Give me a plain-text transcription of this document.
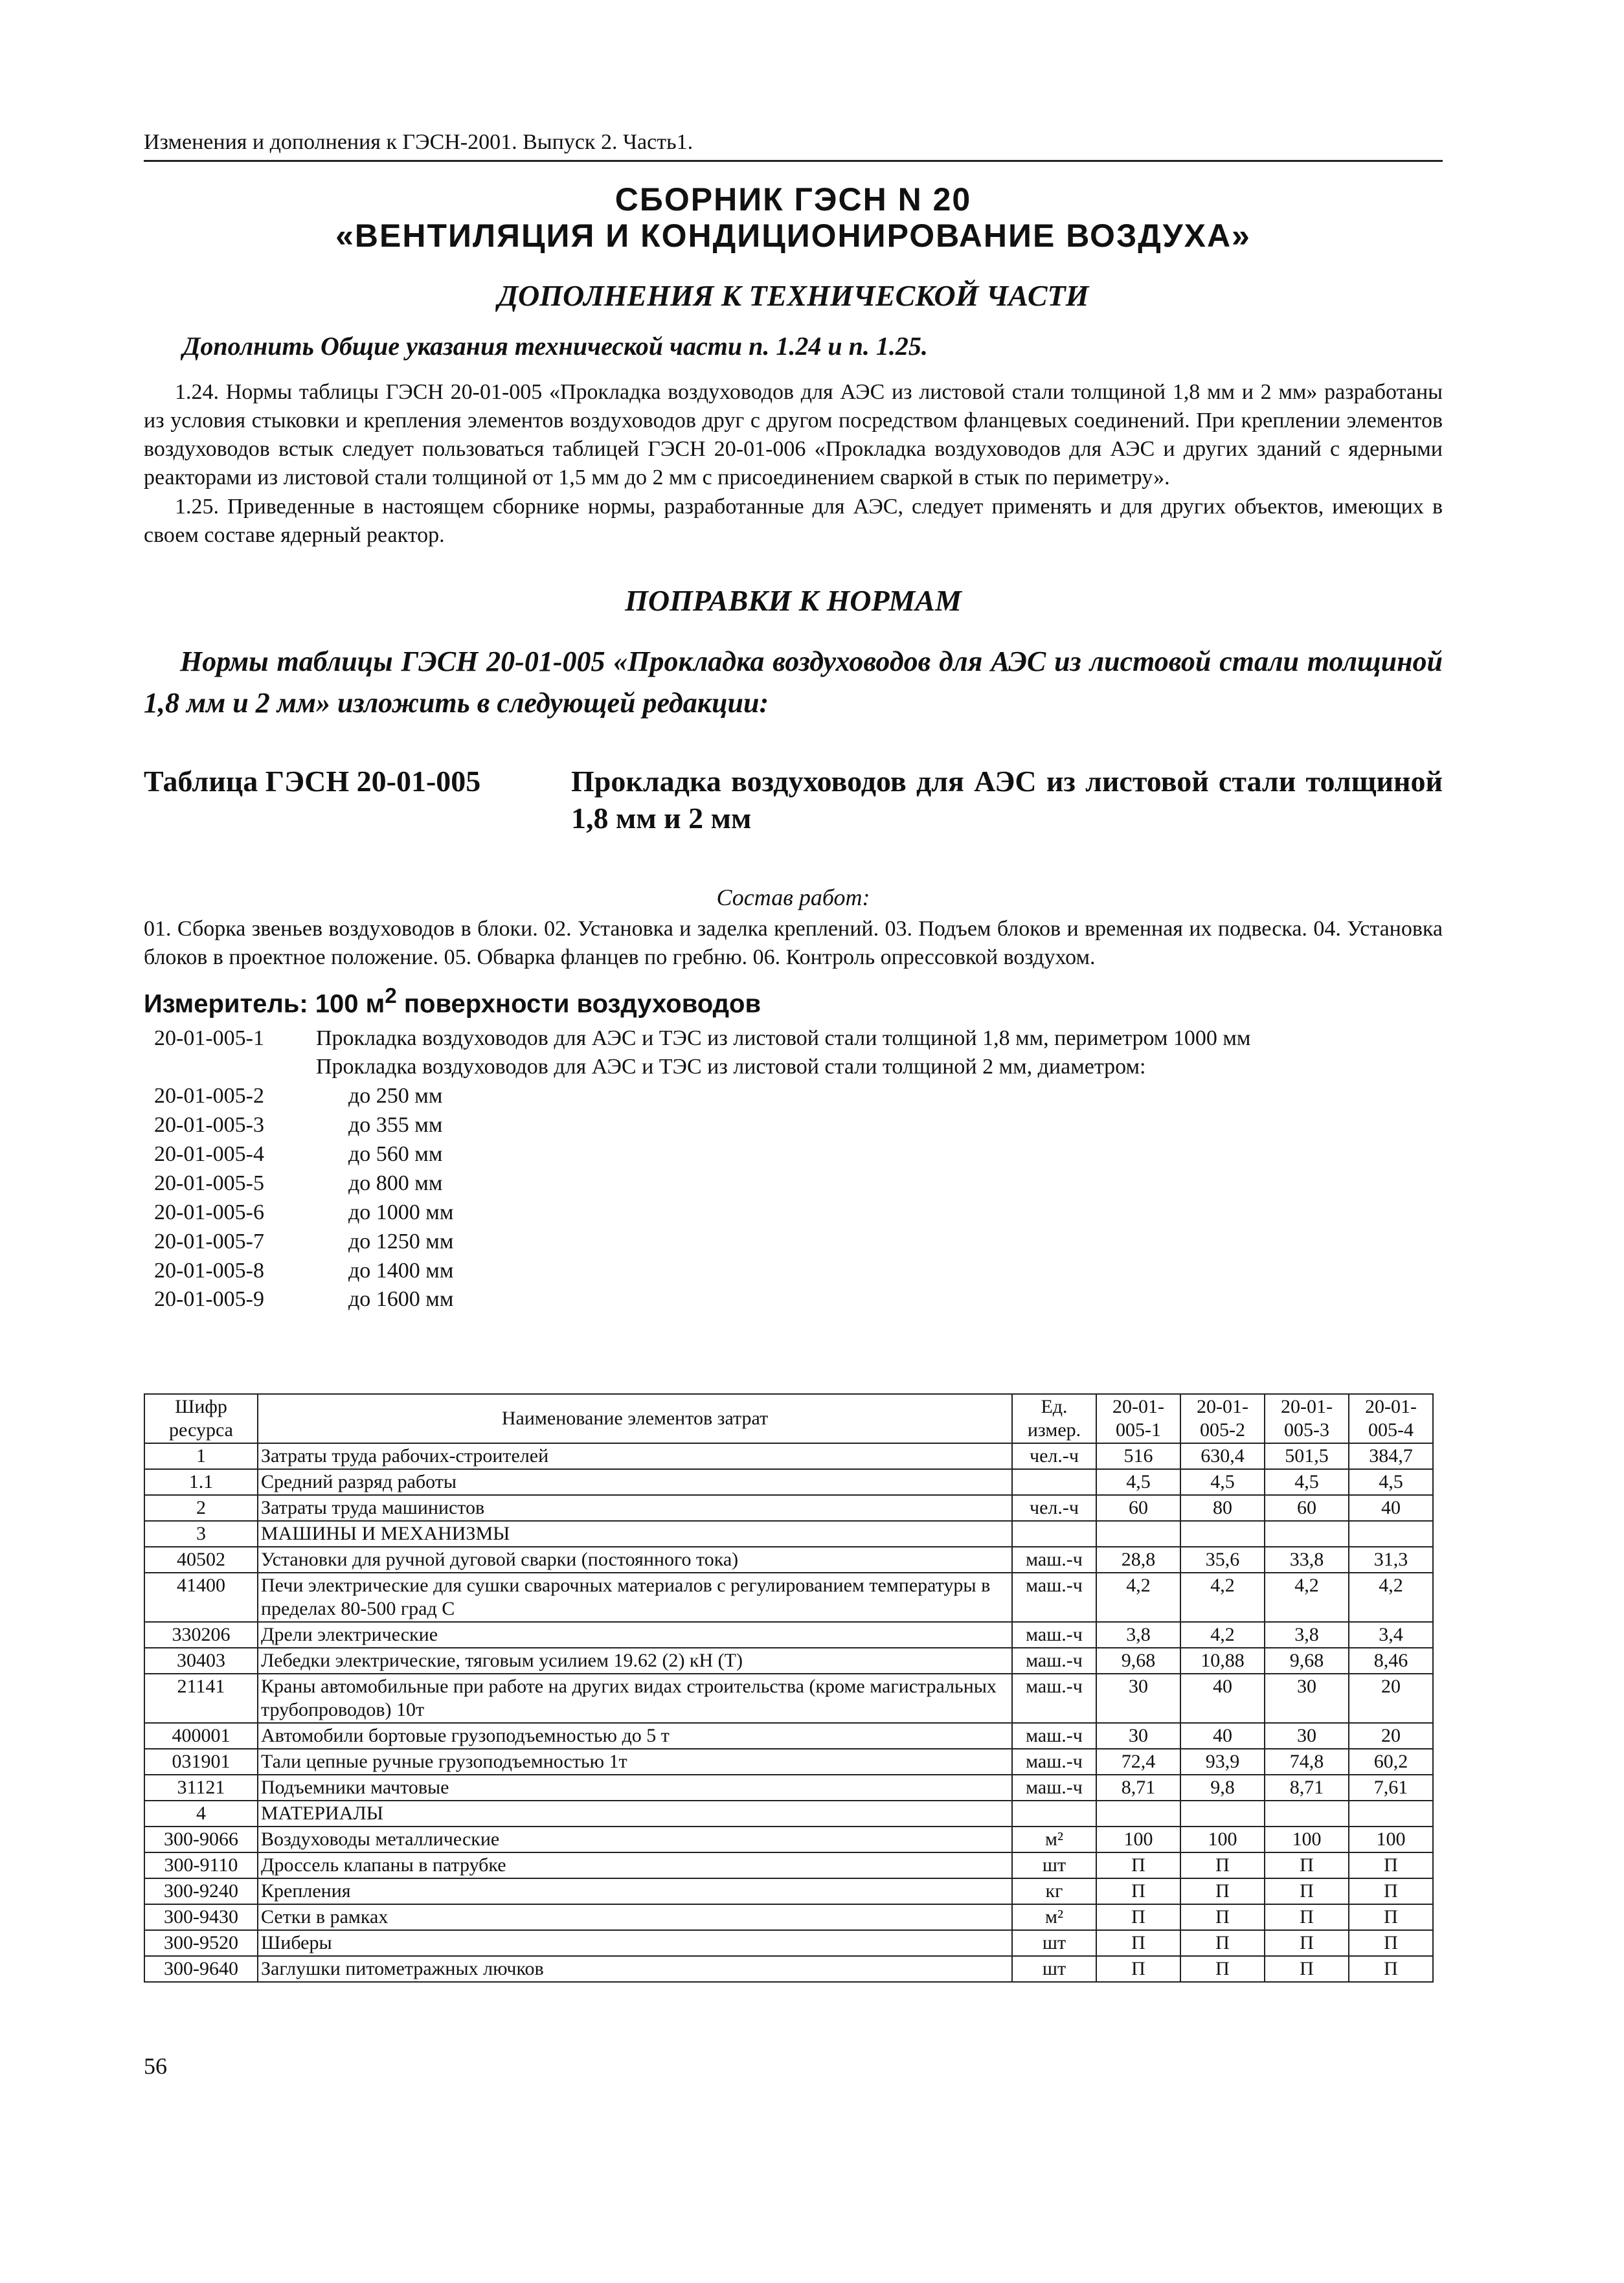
Изменения и дополнения к ГЭСН-2001. Выпуск 2. Часть1.
СБОРНИК ГЭСН N 20
«ВЕНТИЛЯЦИЯ И КОНДИЦИОНИРОВАНИЕ ВОЗДУХА»
ДОПОЛНЕНИЯ К ТЕХНИЧЕСКОЙ ЧАСТИ
Дополнить Общие указания технической части п. 1.24 и п. 1.25.

1.24. Нормы таблицы ГЭСН 20-01-005 «Прокладка воздуховодов для АЭС из листовой стали толщиной 1,8 мм и 2 мм» разработаны из условия стыковки и крепления элементов воздуховодов друг с другом посредством фланцевых соединений. При креплении элементов воздуховодов встык следует пользоваться таблицей ГЭСН 20-01-006 «Прокладка воздуховодов для АЭС и других зданий с ядерными реакторами из листовой стали толщиной от 1,5 мм до 2 мм с присоединением сваркой в стык по периметру».

1.25. Приведенные в настоящем сборнике нормы, разработанные для АЭС, следует применять и для других объектов, имеющих в своем составе ядерный реактор.

ПОПРАВКИ К НОРМАМ
Нормы таблицы ГЭСН 20-01-005 «Прокладка воздуховодов для АЭС из листовой стали толщиной 1,8 мм и 2 мм» изложить в следующей редакции:
Таблица ГЭСН 20-01-005	Прокладка воздуховодов для АЭС из листовой стали толщиной 1,8 мм и 2 мм
Состав работ:
01. Сборка звеньев воздуховодов в блоки. 02. Установка и заделка креплений. 03. Подъем блоков и временная их подвеска. 04. Установка блоков в проектное положение. 05. Обварка фланцев по гребню. 06. Контроль опрессовкой воздухом.
Измеритель: 100 $м^2$ поверхности воздуховодов
20-01-005-1	Прокладка воздуховодов для АЭС и ТЭС из листовой стали толщиной 1,8 мм, периметром 1000 мм
Прокладка воздуховодов для АЭС и ТЭС из листовой стали толщиной 2 мм, диаметром:
20-01-005-2	до 250 мм
20-01-005-3	до 355 мм
20-01-005-4	до 560 мм
20-01-005-5	до 800 мм
20-01-005-6	до 1000 мм
20-01-005-7	до 1250 мм
20-01-005-8	до 1400 мм
20-01-005-9	до 1600 мм
Шифр ресурса	Наименование элементов затрат	Ед. измер.	20-01- 005-1	20-01- 005-2	20-01- 005-3	20-01- 005-4
1	Затраты труда рабочих-строителей	чел.-ч	516	630,4	501,5	384,7
1.1	Средний разряд работы		4,5	4,5	4,5	4,5
2	Затраты труда машинистов	чел.-ч	60	80	60	40
3	МАШИНЫ И МЕХАНИЗМЫ					
40502	Установки для ручной дуговой сварки (постоянного тока)	маш.-ч	28,8	35,6	33,8	31,3
41400	Печи электрические для сушки сварочных материалов с регулированием температуры в пределах 80-500 град С	маш.-ч	4,2	4,2	4,2	4,2
330206	Дрели электрические	маш.-ч	3,8	4,2	3,8	3,4
30403	Лебедки электрические, тяговым усилием 19.62 (2) кН (Т)	маш.-ч	9,68	10,88	9,68	8,46
21141	Краны автомобильные при работе на других видах строительства (кроме магистральных трубопроводов) 10т	маш.-ч	30	40	30	20
400001	Автомобили бортовые грузоподъемностью до 5 т	маш.-ч	30	40	30	20
031901	Тали цепные ручные грузоподъемностью 1т	маш.-ч	72,4	93,9	74,8	60,2
31121	Подъемники мачтовые	маш.-ч	8,71	9,8	8,71	7,61
4	МАТЕРИАЛЫ					
300-9066	Воздуховоды металлические	м²	100	100	100	100
300-9110	Дроссель клапаны в патрубке	шт	П	П	П	П
300-9240	Крепления	кг	П	П	П	П
300-9430	Сетки в рамках	м²	П	П	П	П
300-9520	Шиберы	шт	П	П	П	П
300-9640	Заглушки питометражных лючков	шт	П	П	П	П
56
